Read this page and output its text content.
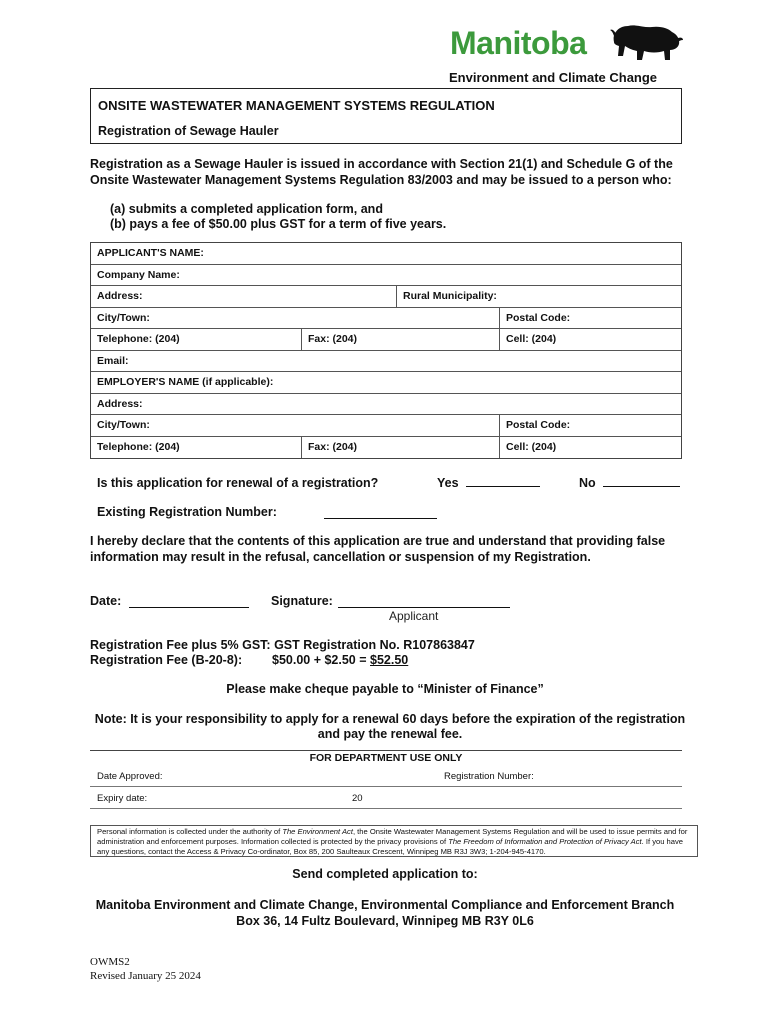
Manitoba
Environment and Climate Change
ONSITE WASTEWATER MANAGEMENT SYSTEMS REGULATION
Registration of Sewage Hauler
Registration as a Sewage Hauler is issued in accordance with Section 21(1) and Schedule G of the
Onsite Wastewater Management Systems Regulation 83/2003 and may be issued to a person who:
(a) submits a completed application form, and
(b) pays a fee of $50.00 plus GST for a term of five years.
APPLICANT'S NAME:
Company Name:
Address:	Rural Municipality:
City/Town:	Postal Code:
Telephone: (204)	Fax: (204)	Cell: (204)
Email:
EMPLOYER'S NAME (if applicable):
Address:
City/Town:	Postal Code:
Telephone: (204)	Fax: (204)	Cell: (204)
Is this application for renewal of a registration?	Yes	No
Existing Registration Number:
I hereby declare that the contents of this application are true and understand that providing false
information may result in the refusal, cancellation or suspension of my Registration.
Date:	Signature:
Applicant
Registration Fee plus 5% GST: GST Registration No. R107863847
Registration Fee (B-20-8): $50.00 + $2.50 = $52.50
Please make cheque payable to “Minister of Finance”
Note: It is your responsibility to apply for a renewal 60 days before the expiration of the registration
and pay the renewal fee.
FOR DEPARTMENT USE ONLY
Date Approved:	Registration Number:
Expiry date:	20
Personal information is collected under the authority of The Environment Act, the Onsite Wastewater Management Systems Regulation and will be used to issue permits and for administration and enforcement purposes. Information collected is protected by the privacy provisions of The Freedom of Information and Protection of Privacy Act. If you have any questions, contact the Access & Privacy Co-ordinator, Box 85, 200 Saulteaux Crescent, Winnipeg MB R3J 3W3; 1-204-945-4170.
Send completed application to:
Manitoba Environment and Climate Change, Environmental Compliance and Enforcement Branch
Box 36, 14 Fultz Boulevard, Winnipeg MB R3Y 0L6
OWMS2
Revised January 25 2024
